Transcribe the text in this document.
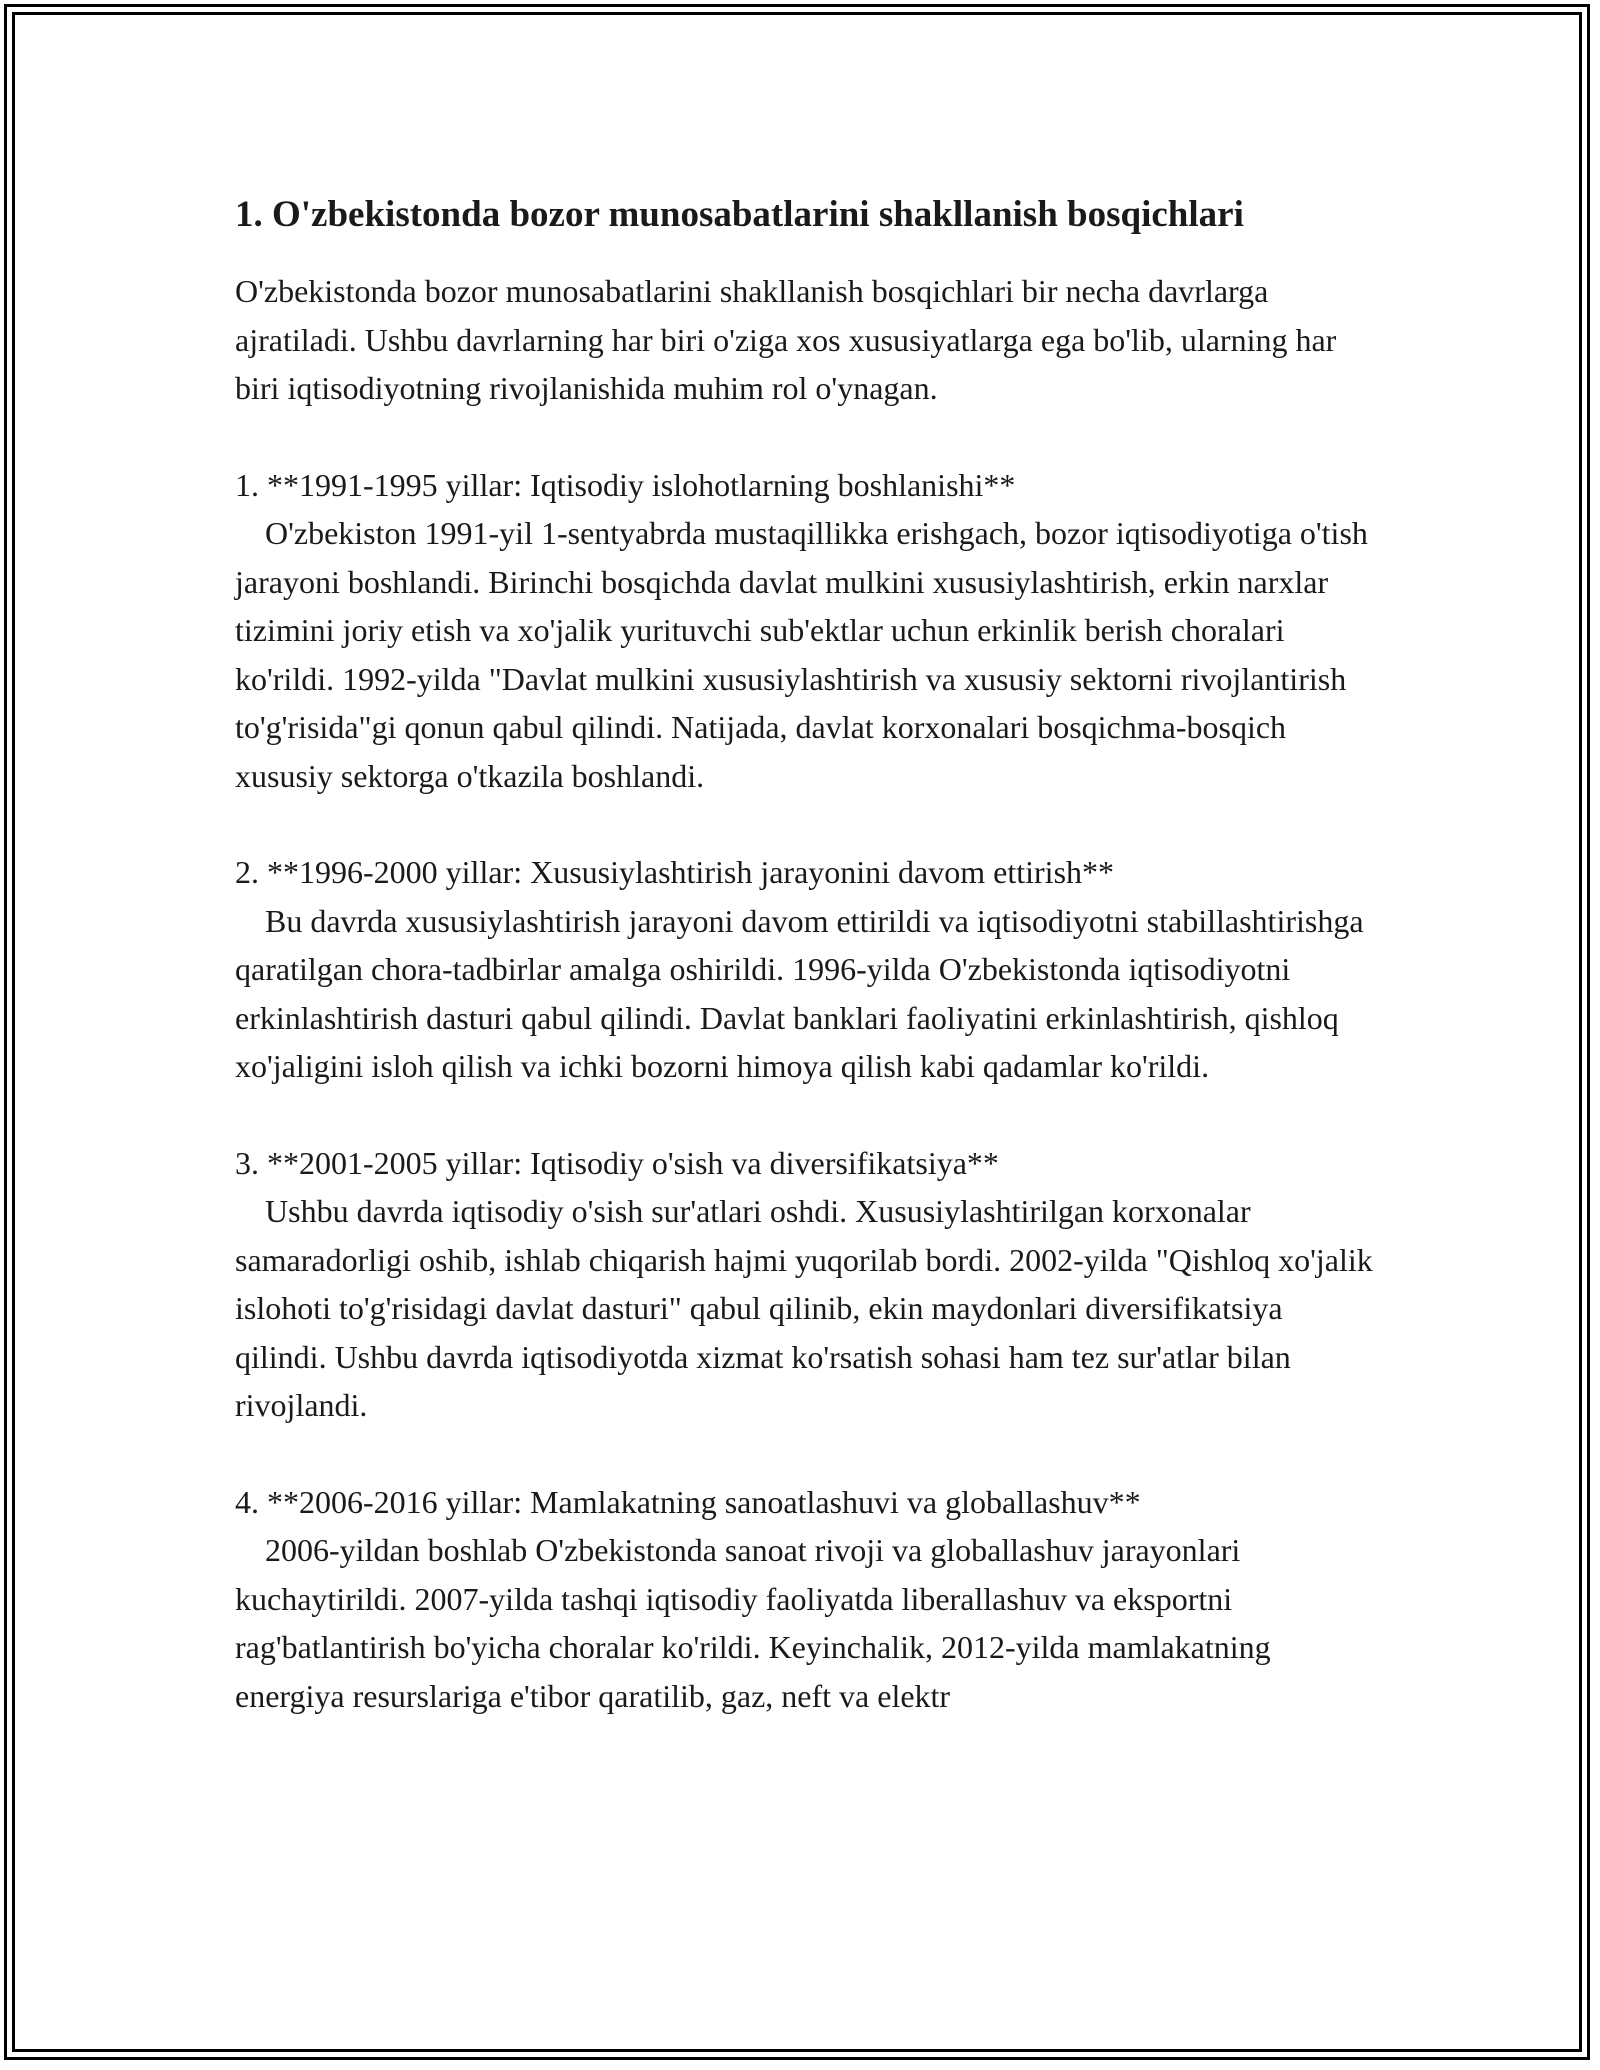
1. O'zbekistonda bozor munosabatlarini shakllanish bosqichlari

O'zbekistonda bozor munosabatlarini shakllanish bosqichlari bir necha davrlarga ajratiladi. Ushbu davrlarning har biri o'ziga xos xususiyatlarga ega bo'lib, ularning har biri iqtisodiyotning rivojlanishida muhim rol o'ynagan.

1. **1991-1995 yillar: Iqtisodiy islohotlarning boshlanishi**
O'zbekiston 1991-yil 1-sentyabrda mustaqillikka erishgach, bozor iqtisodiyotiga o'tish jarayoni boshlandi. Birinchi bosqichda davlat mulkini xususiylashtirish, erkin narxlar tizimini joriy etish va xo'jalik yurituvchi sub'ektlar uchun erkinlik berish choralari ko'rildi. 1992-yilda "Davlat mulkini xususiylashtirish va xususiy sektorni rivojlantirish to'g'risida"gi qonun qabul qilindi. Natijada, davlat korxonalari bosqichma-bosqich xususiy sektorga o'tkazila boshlandi.
2. **1996-2000 yillar: Xususiylashtirish jarayonini davom ettirish**
Bu davrda xususiylashtirish jarayoni davom ettirildi va iqtisodiyotni stabillashtirishga qaratilgan chora-tadbirlar amalga oshirildi. 1996-yilda O'zbekistonda iqtisodiyotni erkinlashtirish dasturi qabul qilindi. Davlat banklari faoliyatini erkinlashtirish, qishloq xo'jaligini isloh qilish va ichki bozorni himoya qilish kabi qadamlar ko'rildi.
3. **2001-2005 yillar: Iqtisodiy o'sish va diversifikatsiya**
Ushbu davrda iqtisodiy o'sish sur'atlari oshdi. Xususiylashtirilgan korxonalar samaradorligi oshib, ishlab chiqarish hajmi yuqorilab bordi. 2002-yilda "Qishloq xo'jalik islohoti to'g'risidagi davlat dasturi" qabul qilinib, ekin maydonlari diversifikatsiya qilindi. Ushbu davrda iqtisodiyotda xizmat ko'rsatish sohasi ham tez sur'atlar bilan rivojlandi.
4. **2006-2016 yillar: Mamlakatning sanoatlashuvi va globallashuv**
2006-yildan boshlab O'zbekistonda sanoat rivoji va globallashuv jarayonlari kuchaytirildi. 2007-yilda tashqi iqtisodiy faoliyatda liberallashuv va eksportni rag'batlantirish bo'yicha choralar ko'rildi. Keyinchalik, 2012-yilda mamlakatning energiya resurslariga e'tibor qaratilib, gaz, neft va elektr
